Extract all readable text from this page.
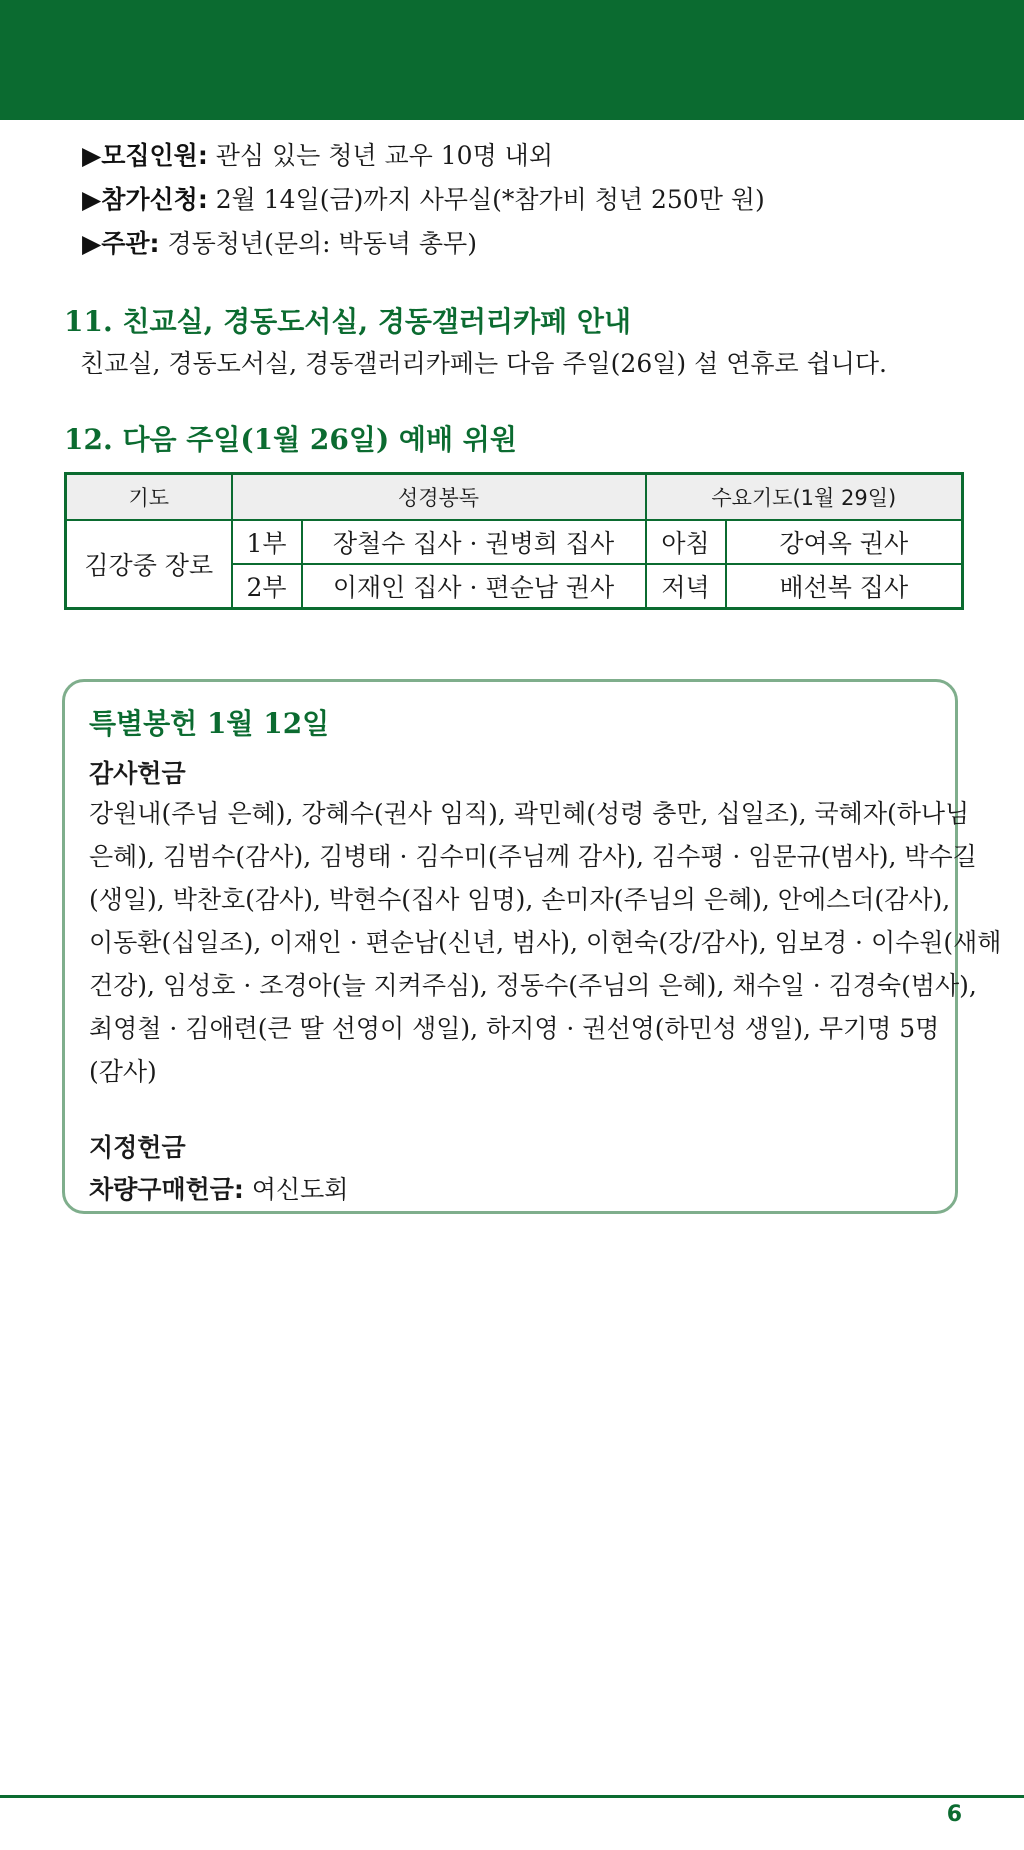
▶모집인원: 관심 있는 청년 교우 10명 내외
▶참가신청: 2월 14일(금)까지 사무실(*참가비 청년 250만 원)
▶주관: 경동청년(문의: 박동녁 총무)
11. 친교실, 경동도서실, 경동갤러리카페 안내
친교실, 경동도서실, 경동갤러리카페는 다음 주일(26일) 설 연휴로 쉽니다.
12. 다음 주일(1월 26일) 예배 위원
기도	성경봉독		수요기도(1월 29일)	
김강중 장로	1부	장철수 집사 · 권병희 집사	아침	강여옥 권사
	2부	이재인 집사 · 편순남 권사	저녁	배선복 집사
특별봉헌 1월 12일
감사헌금
강원내(주님 은혜), 강혜수(권사 임직), 곽민혜(성령 충만, 십일조), 국혜자(하나님
은혜), 김범수(감사), 김병태 · 김수미(주님께 감사), 김수평 · 임문규(범사), 박수길
(생일), 박찬호(감사), 박현수(집사 임명), 손미자(주님의 은혜), 안에스더(감사),
이동환(십일조), 이재인 · 편순남(신년, 범사), 이현숙(강/감사), 임보경 · 이수원(새해
건강), 임성호 · 조경아(늘 지켜주심), 정동수(주님의 은혜), 채수일 · 김경숙(범사),
최영철 · 김애련(큰 딸 선영이 생일), 하지영 · 권선영(하민성 생일), 무기명 5명
(감사)
지정헌금
차량구매헌금: 여신도회
6
